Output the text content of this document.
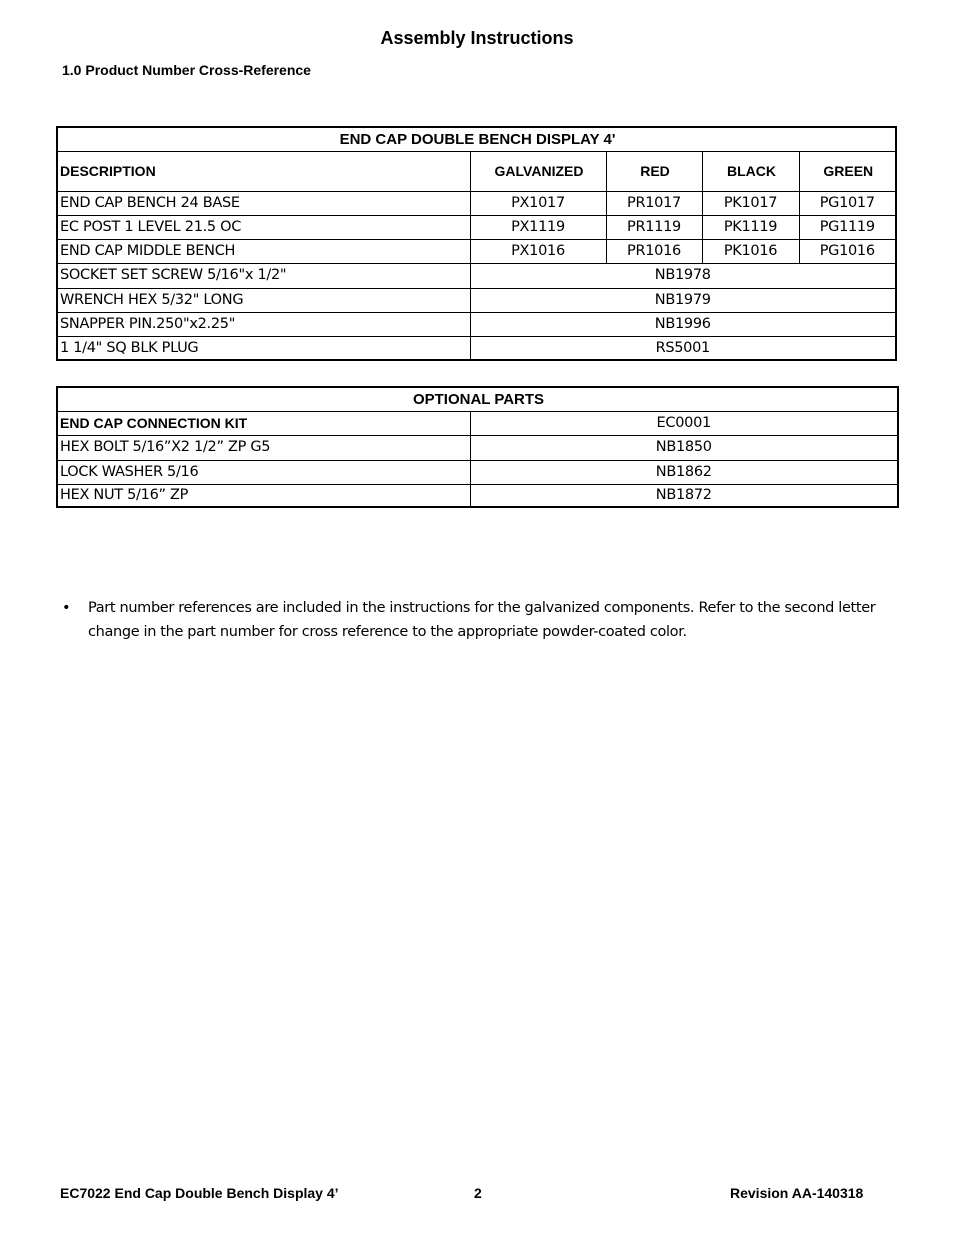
Assembly Instructions
1.0 Product Number Cross-Reference
END CAP DOUBLE BENCH DISPLAY 4'				
DESCRIPTION	GALVANIZED	RED	BLACK	GREEN
END CAP BENCH 24 BASE	PX1017	PR1017	PK1017	PG1017
EC POST 1 LEVEL 21.5 OC	PX1119	PR1119	PK1119	PG1119
END CAP MIDDLE BENCH	PX1016	PR1016	PK1016	PG1016
SOCKET SET SCREW 5/16"x 1/2"	NB1978			
WRENCH HEX 5/32" LONG	NB1979			
SNAPPER PIN.250"x2.25"	NB1996			
1 1/4" SQ BLK PLUG	RS5001			
OPTIONAL PARTS	
END CAP CONNECTION KIT	EC0001
HEX BOLT 5/16”X2 1/2” ZP G5	NB1850
LOCK WASHER 5/16	NB1862
HEX NUT 5/16” ZP	NB1872
• Part number references are included in the instructions for the galvanized components. Refer to the second letter change in the part number for cross reference to the appropriate powder-coated color.
EC7022 End Cap Double Bench Display 4’	2	Revision AA-140318
